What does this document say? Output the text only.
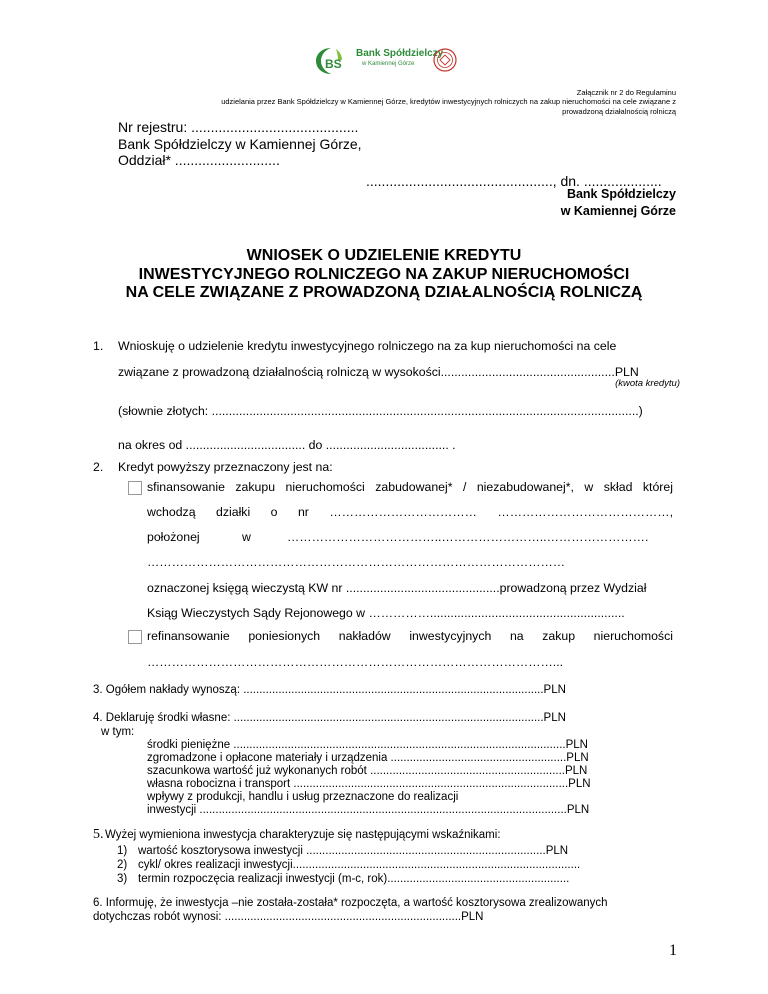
BS
Bank Spółdzielczy
w Kamiennej Górze
Załącznik nr 2 do Regulaminu
udzielania przez Bank Spółdzielczy w Kamiennej Górze, kredytów inwestycyjnych rolniczych na zakup nieruchomości na cele związane z
prowadzoną działalnością rolniczą
Nr rejestru: ...........................................
Bank Spółdzielczy w Kamiennej Górze,
Oddział* ...........................
................................................, dn. ....................
Bank Spółdzielczy
w Kamiennej Górze
WNIOSEK O UDZIELENIE KREDYTU
INWESTYCYJNEGO ROLNICZEGO NA ZAKUP NIERUCHOMOŚCI
NA CELE ZWIĄZANE Z PROWADZONĄ DZIAŁALNOŚCIĄ ROLNICZĄ
1. Wnioskuję o udzielenie kredytu inwestycyjnego rolniczego na za kup nieruchomości na cele
związane z prowadzoną działalnością rolniczą w wysokości...................................................PLN
(kwota kredytu)
(słownie złotych: .............................................................................................................................)
na okres od ................................... do .................................... .
2. Kredyt powyższy przeznaczony jest na:
sfinansowanie zakupu nieruchomości zabudowanej* / niezabudowanej*, w skład której
wchodzą działki o nr ……………………………… ……………………………………,
położonej	w	………………………………..……………………..…………………….
…………………………………………………………………………………………
oznaczonej księgą wieczystą KW nr .............................................prowadzoną przez Wydział
Ksiąg Wieczystych Sądy Rejonowego w …………….........................................................
refinansowanie poniesionych nakładów inwestycyjnych na zakup nieruchomości
………………………………………………………………………………………...
3. Ogółem nakłady wynoszą: ..............................................................................................PLN
4. Deklaruję środki własne: .................................................................................................PLN
w tym:
środki pieniężne ........................................................................................................PLN
zgromadzone i opłacone materiały i urządzenia .......................................................PLN
szacunkowa wartość już wykonanych robót .............................................................PLN
własna robocizna i transport ......................................................................................PLN
wpływy z produkcji, handlu i usług przeznaczone do realizacji
inwestycji ...................................................................................................................PLN
5. Wyżej wymieniona inwestycja charakteryzuje się następującymi wskaźnikami:
1) wartość kosztorysowa inwestycji ...........................................................................PLN
2) cykl/ okres realizacji inwestycji..........................................................................................
3) termin rozpoczęcia realizacji inwestycji (m-c, rok).........................................................
6. Informuję, że inwestycja –nie została-została* rozpoczęta, a wartość kosztorysowa zrealizowanych
dotychczas robót wynosi: ..........................................................................PLN
1
